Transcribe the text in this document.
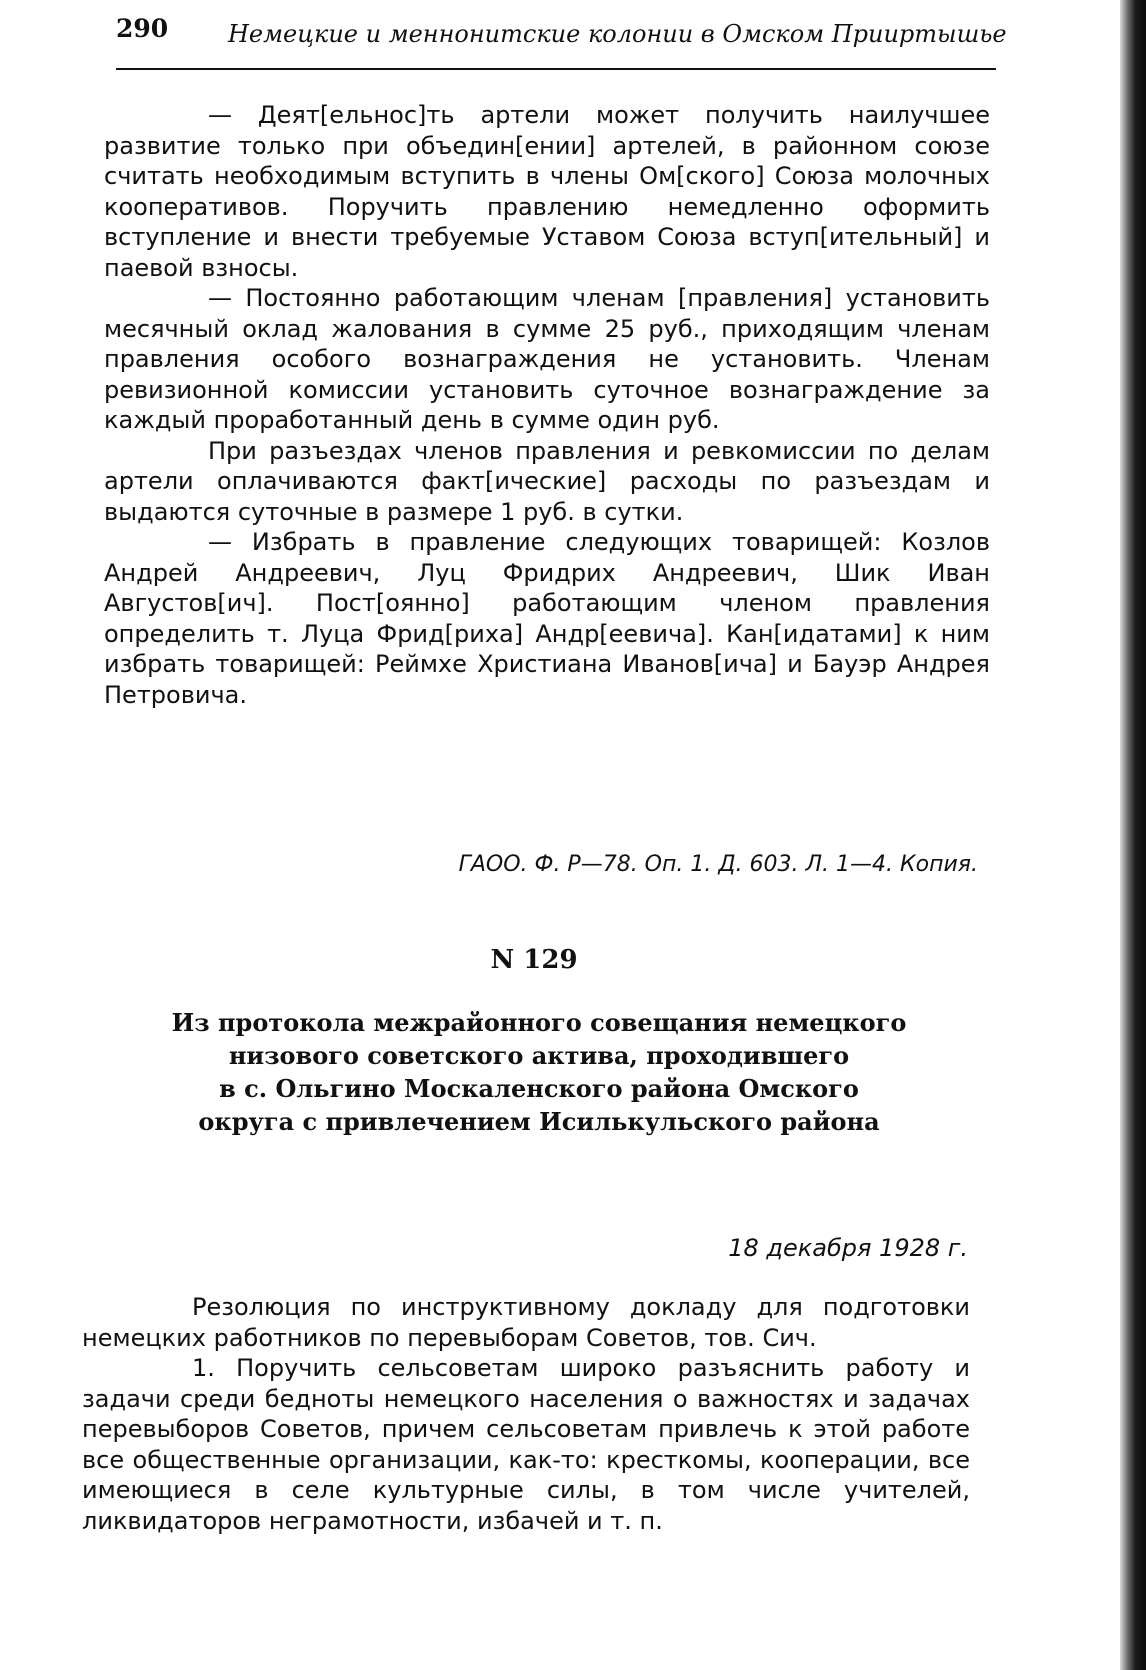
290 Немецкие и меннонитские колонии в Омском Прииртышье

— Деят[ельнос]ть артели может получить наилучшее развитие только при объедин[ении] артелей, в районном союзе считать необходимым вступить в члены Ом[ского] Союза молочных кооперативов. Поручить правлению немедленно оформить вступление и внести требуемые Уставом Союза вступ[ительный] и паевой взносы.

— Постоянно работающим членам [правления] установить месячный оклад жалования в сумме 25 руб., приходящим членам правления особого вознаграждения не установить. Членам ревизионной комиссии установить суточное вознаграждение за каждый проработанный день в сумме один руб.

При разъездах членов правления и ревкомиссии по делам артели оплачиваются факт[ические] расходы по разъездам и выдаются суточные в размере 1 руб. в сутки.

— Избрать в правление следующих товарищей: Козлов Андрей Андреевич, Луц Фридрих Андреевич, Шик Иван Августов[ич]. Пост[оянно] работающим членом правления определить т. Луца Фрид[риха] Андр[еевича]. Кан[идатами] к ним избрать товарищей: Реймхе Христиана Иванов[ича] и Бауэр Андрея Петровича.

ГАОО. Ф. Р—78. Оп. 1. Д. 603. Л. 1—4. Копия.
N 129
Из протокола межрайонного совещания немецкого
низового советского актива, проходившего
в с. Ольгино Москаленского района Омского
округа с привлечением Исилькульского района
18 декабря 1928 г.

Резолюция по инструктивному докладу для подготовки немецких работников по перевыборам Советов, тов. Сич.

1. Поручить сельсоветам широко разъяснить работу и задачи среди бедноты немецкого населения о важностях и задачах перевыборов Советов, причем сельсоветам привлечь к этой работе все общественные организации, как-то: кресткомы, кооперации, все имеющиеся в селе культурные силы, в том числе учителей, ликвидаторов неграмотности, избачей и т. п.
